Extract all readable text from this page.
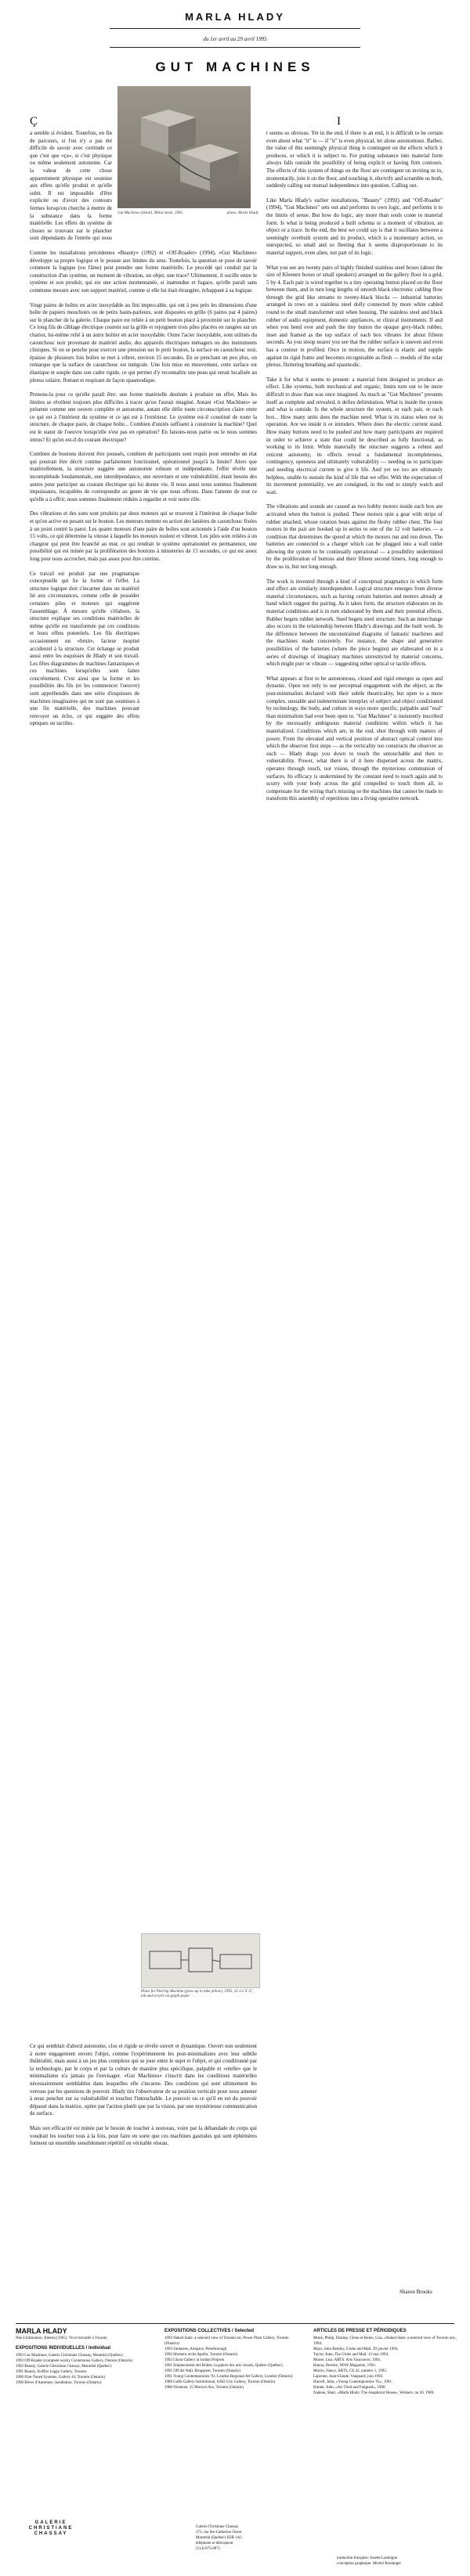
MARLA HLADY
du 1er avril au 29 avril 1995
GUT MACHINES
Gut Machines (détail). Métal mixte, 1995.	photo: Marla Hlady
Ç

a semble si évident. Toutefois, en fin de parcours, si l'on n'y a pas été difficile de savoir avec certitude ce que c'est que «ça», si c'est physique ou même seulement autonome. Car la valeur de cette chose apparemment physique est soumise aux effets qu'elle produit et qu'elle subit. Il est impossible d'être explicite ou d'avoir des contours fermes lorsqu'on cherche à mettre de la substance dans la forme matérielle. Les effets du système de choses se trouvant sur le plancher sont dépendants de l'entrée qui nous

Comme les installations précédentes «Beauty» (1992) et «Off-Roader» (1994), «Gut Machines» développe sa propre logique et le pousse aux limites du sens. Toutefois, la question se pose de savoir comment la logique (ou l'âme) peut prendre une forme matérielle. Le procédé qui conduit par la construction d'un système, un moment de vibration, un objet, une trace? Ultimement, il oscille entre le système et son produit, qui est une action momentanée, si inattendue et fugace, qu'elle paraît sans commune mesure avec son support matériel, comme si elle lui était étrangère, échappant à sa logique.

Vingt paires de boîtes en acier inoxydable au fini impeccable, qui ont à peu près les dimensions d'une boîte de papiers mouchoirs ou de petits hauts-parleurs, sont disposées en grille (6 paires par 4 paires) sur le plancher de la galerie. Chaque paire est reliée à un petit bouton placé à proximité sur le plancher. Ce long fils de câblage électrique courent sur la grille et rejoignent trois piles placées en rangées sur un chariot, lui-même relié à un autre boîtier en acier inoxydable. Outre l'acier inoxydable, sont utilisés du caoutchouc noir provenant de matériel audio, des appareils électriques ménagers ou des instruments cliniques. Si on se penche pour exercer une pression sur le petit bouton, la surface en caoutchouc noir, épaisse de plusieurs fois boîtes se met à vibrer, environ 15 secondes. En se penchant un peu plus, on remarque que la surface de caoutchouc est intégrale. Une fois mise en mouvement, cette surface est élastique et souple dans son cadre rigide, ce qui permet d'y reconnaître une peau qui serait localisée au plexus solaire, flottant et respirant de façon spasmodique.

Prenons-la pour ce qu'elle paraît être: une forme matérielle destinée à produire un effet. Mais les limites se révèlent toujours plus difficiles à tracer qu'on l'aurait imaginé. Autant «Gut Machines» se présente comme une oeuvre complète et autonome, autant elle défie toute circonscription claire entre ce qui est à l'intérieur du système et ce qui est à l'extérieur. Le système est-il constitué de toute la structure, de chaque paire, de chaque boîte... Combien d'unités suffisent à construire la machine? Quel est le statut de l'oeuvre lorsqu'elle n'est pas en opération? En faisons-nous partie ou le nous sommes intrus? Et qu'en est-il du courant électrique?

Combien de boutons doivent être poussés, combien de participants sont requis pour entendre un état qui pourrait être décrit comme parfaitement fonctionnel, opérationnel jusqu'à la limite? Alors que matériellement, la structure suggère une autonomie robuste et indépendante, l'effet révèle une incomplétude fondamentale, une interdépendance, une ouverture et une vulnérabilité, étant besoin des autres pour participer au courant électrique qui lui donne vie. Il nous aussi nous sommes finalement impuissants, incapables de correspondre au genre de vie que nous offrons. Dans l'attente de tout ce qu'elle a à offrir, nous sommes finalement réduits à regarder et voir notre rôle.

Des vibrations et des sons sont produits par deux moteurs qui se trouvent à l'intérieur de chaque boîte et qu'on active en pesant sur le bouton. Les moteurs mettent en action des lanières de caoutchouc fixées à un point centré la paroi. Les quatre moteurs d'une paire de boîtes sont actionnés à l'aide d'un bouton 15 volts, ce qui détermine la vitesse à laquelle les moteurs roulent et vibrent. Les piles sont reliées à un chargeur qui peut être branché au mur, ce qui rendrait le système opérationnel en permanence, une possibilité qui est minée par la prolifération des boutons à minuteries de 15 secondes, ce qui est assez long pour nous accrocher, mais pas assez pour être continu.

Ce travail est produit par une pragmatique conceptuelle qui lie la forme et l'effet. La structure logique doit s'incarner dans un matériel lié aux circonstances, comme celle de posséder certaines piles et moteurs qui suggèrent l'assemblage. À mesure qu'elle s'élabore, la structure explique ses conditions matérielles de même qu'elle est transformée par ces conditions et leurs effets potentiels. Les fils électriques occasionnent un «bruit», facteur inopiné accidentel à la structure. Cet échange se produit aussi entre les esquisses de Hlady et son travail. Les fêtes diagrammes de machines fantastiques et ces machines lorsqu'elles sont faites concrètement. C'est ainsi que la forme et les possibilités des fils (et les commencer l'oeuvre) sont appréhendés dans une série d'esquisses de machines imaginaires qui ne sont pas soumises à une fin matérielle, des machines pouvant renvoyer un écho, ce qui suggère des effets optiques ou tactiles.

Plans for Purring Machine (grow up to take pillow), 1995, 16 1/2 X 11', ink and acrylic on graph paper

Ce qui semblait d'abord autonome, clos et rigide se révèle ouvert et dynamique. Ouvert non seulement à notre engagement envers l'objet, comme l'expérimentent les post-minimalistes avec leur subtile théâtralité, mais aussi à un jeu plus complexe qui se joue entre le sujet et l'objet, et qui conditionné par la technologie, par le corps et par la culture de manière plus spécifique, palpable et «réelle» que le minimalisme n'a jamais pu l'envisager. «Gut Machines» s'inscrit dans les conditions matérielles nécessairement semblables dans lesquelles elle s'incarne. Des conditions qui sont ultimement les verrous par les questions de pouvoir. Hlady tire l'observateur de sa position verticale pour nous amener à nous pencher sur sa vulnérabilité et toucher l'intouchable. Le pouvoir ou ce qu'il en est du pouvoir dépassé dans la matrice, opère par l'action plutôt que par la vision, par une mystérieuse communication de surface.

Mais son efficacité est minée par le besoin de toucher à nouveau, voire par la débandade du corps qui voudrait les toucher tous à la fois, pour faire en sorte que ces machines gastrales qui sont éphémères forment un ensemble sensiblement répétitif en véritable réseau.

I

t seems so obvious. Yet in the end, if there is an end, it is difficult to be certain even about what "it" is — if "it" is even physical, let alone autonomous. Rather, the value of this seemingly physical thing is contingent on the effects which it produces, or which it is subject to. For putting substance into material form always falls outside the possibility of being explicit or having firm contours. The effects of this system of things on the floor are contingent on inviting us to, momentarily, join it on the floor, and touching it, electrify and scramble us both, suddenly calling our mutual independence into question. Calling out.

Like Marla Hlady's earlier installations, "Beauty" (1992) and "Off-Roader" (1994), "Gut Machines" sets out and performs its own logic, and performs it to the limits of sense. But how do logic, any more than souls come to material form. Is what is being produced a built schema or a moment of vibration, an object or a trace. In the end, the best we could say is that it oscillates between a seemingly overbuilt system and its product, which is a momentary action, so unexpected, so small and so fleeting that it seems disproportionate to its material support, even alien, not part of its logic.

What you see are twenty pairs of highly finished stainless steel boxes (about the size of Kleenex boxes or small speakers) arranged on the gallery floor in a grid, 5 by 4. Each pair is wired together to a tiny operating button placed on the floor between them, and in turn long lengths of smooth black electronic cabling flow through the grid like streams to twenty-black blocks — industrial batteries arranged in rows on a stainless steel dolly connected by more white cabled round to the small transformer unit when housing. The stainless steel and black rubber of audio equipment, domestic appliances, or clinical instruments. If and when you bend over and push the tiny button the opaque grey-black rubber, inset and framed as the top surface of each box vibrates for about fifteen seconds. As you stoop nearer you see that the rubber surface is uneven and even has a contour in profiled. Once in motion, the surface is elastic and supple against its rigid frame and becomes recognisable as flesh — models of the solar plexus, fluttering breathing and spasmodic.

Take it for what it seems to present: a material form designed to produce an effect. Like systems, both mechanical and organic, limits turn out to be more difficult to draw than was once imagined. As much as "Gut Machines" presents itself as complete and revealed, it defies delimitation. What is inside the system and what is outside. Is the whole structure the system, or each pair, or each box... How many units does the machine need. What is its status when not in operation. Are we inside it or intruders. Where does the electric current stand. How many buttons need to be pushed and how many participants are required in order to achieve a state that could be described as fully functional, as working to its limit. While materially the structure suggests a robust and reticent autonomy, its effects reveal a fundamental incompleteness, contingency, openness and ultimately vulnerability — needing us to participate and needing electrical current to give it life. And yet we too are ultimately helpless, unable to sustain the kind of life that we offer. With the expectation of its movement potentiality, we are consigned, in the end to simply watch and wait.

The vibrations and sounds are caused as two hobby motors inside each box are activated when the button is pushed. These motors spin a gear with strips of rubber attached, whose rotation beats against the fleshy rubber chest. The four motors in the pair are hooked up in series to one of the 12 volt batteries — a condition that determines the speed at which the motors run and run down. The batteries are connected to a charger which can be plugged into a wall outlet allowing the system to be continually operational — a possibility undermined by the proliferation of buttons and their fifteen second timers, long enough to draw us in, but not long enough.

The work is invented through a kind of conceptual pragmatics in which form and effect are similarly interdependent. Logical structure emerges from diverse material circumstances, such as having certain batteries and motors already at hand which suggest the pairing. As it takes form, the structure elaborates on its material conditions and is in turn elaborated by them and their potential effects. Rubber begets rubber network. Steel begets steel structure. Such an interchange also occurs in the relationship between Hlady's drawings and the built work. In the difference between the unconstrained diagrams of fantastic machines and the machines made concretely. For instance, the shape and generative possibilities of the batteries (where the piece begins) are elaborated on in a series of drawings of imaginary machines unrestricted by material concerns, which might purr or vibrate — suggesting either optical or tactile effects.

What appears at first to be autonomous, closed and rigid emerges as open and dynamic. Open not only to our perceptual engagement with the object, as the post-minimalists declared with their subtle theatricality, but open to a more complex, unstable and indeterminate interplay of subject and object conditioned by technology, the body, and culture in ways more specific, palpable and "real" than minimalism had ever been open to. "Gut Machines" is insistently inscribed by the necessarily ambiguous material conditions within which it has materialized. Conditions which are, in the end, shot through with matters of power. From the elevated and vertical position of abstract optical control into which the observer first steps — as the verticality too constructs the observer as such — Hlady drags you down to touch the untouchable and then to vulnerability. Power, what there is of it here dispersed across the matrix, operates through touch, not vision, through the mysterious communion of surfaces. Its efficacy is undermined by the constant need to touch again and to scurry with your body across the grid compelled to touch them all, to compensate for the wiring that's missing so the machines that cannot be made to transform this assembly of repetitions into a living operative network.

Sharon Brooks
MARLA HLADY
Née à Edmonton, Alberta (1965). Vit et travaille à Toronto
EXPOSITIONS INDIVIDUELLES / Individual
1993 Gut Machines, Galerie Christiane Chassay, Montréal (Québec)
1993 Off-Roader (complete work), Cornerstone Gallery, Ontario (Ontario)
1992 Beauty, Galerie Christiane Chassay, Montréal (Québec)
1991 Beauty, Koffler Leggo Gallery, Toronto
1990 Fine-Tuned Systems, Gallery 44, Toronto (Ontario)
1990 Rêves d'Automne, installation, Toronto (Ontario)
EXPOSITIONS COLLECTIVES / Selected
1993 Naked State: a selected view of Toronto art, Power Plant Gallery, Toronto (Ontario)
1993 Fantasies, Artspace, Peterborough
1993 Moment at the Apollo, Toronto (Ontario)
1992 Ghost Gallery at Jordan Projects
1991 Emplacement des Boîtes, la galerie des arts visuels, Québec (Québec)
1991 Off the Wall, Ringspent, Toronto (Ontario)
1991 Young Contemporaries '91, London Regional Art Gallery, London (Ontario)
1989 Gaffe Gallery Institutional, OAD City Gallery, Toronto (Ontario)
1988 Nineteen: 25 Motives Are, Toronto (Ontario)
ARTICLES DE PRESSE ET PÉRIODIQUES
Monk, Philip, Dunlop, Glenn et Bolen, Lisa. «Naked State: a selected view of Toronto art», 1994.
Mays, John Bentley, Globe and Mail, 29 janvier 1994.
Taylor, Kate, The Globe and Mail, 13 mai 1994.
Moore, Lisa. ARTS. Arts Vancouver, 1994.
Hanna, Deirdre, NOW Magazine, 1993.
Morris, Nancy, ARTS, CE 42, numéro 1, 1993.
Lapointe, Jean-Claude, Vanguard, juin 1992.
Hurrell, John, «Young Contemporaries '91», 1991.
Hunter, John, «Art Tired and Fatigued», 1990.
Nadeau, Shari, «Marla Hlady: The Anaphoral House», Workers, no 20, 1989.
GALERIE CHRISTIANE CHASSAY
Galerie Christiane Chassay
372, rue Ste-Catherine Ouest
Montréal (Québec) H3B 1A2
téléphone et télécopieur
(514) 875-0071
traduction française: Josette Lanteigne
conception graphique: Michel Boulanger
